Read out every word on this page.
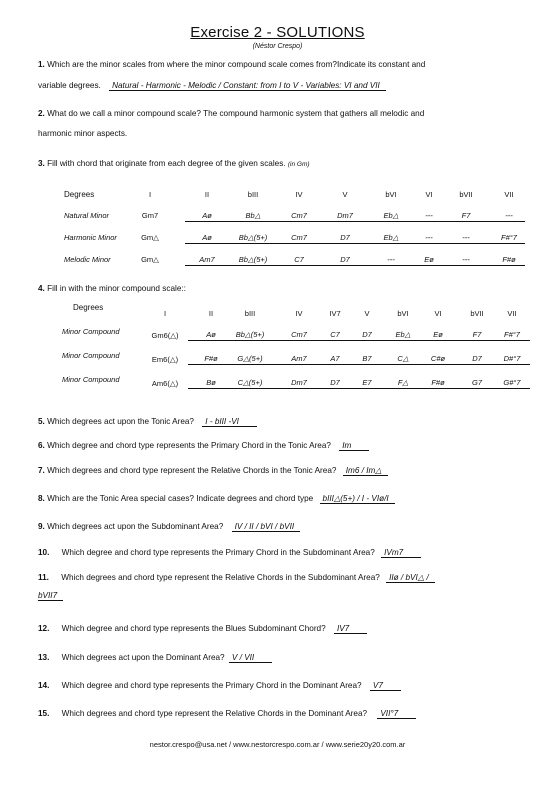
Exercise 2 - SOLUTIONS
(Néstor Crespo)
1. Which are the minor scales from where the minor compound scale comes from?Indicate its constant and
variable degrees. Natural - Harmonic - Melodic / Constant: from I to V - Variables: VI and VII
2. What do we call a minor compound scale? The compound harmonic system that gathers all melodic and
harmonic minor aspects.
3. Fill with chord that originate from each degree of the given scales. (in Gm)
Degrees	I	II	bIII	IV	V	bVI	VI	bVII	VII
Natural Minor	Gm7	Aø	Bb△	Cm7	Dm7	Eb△	---	F7	---
Harmonic Minor	Gm△	Aø	Bb△(5+)	Cm7	D7	Eb△	---	---	F#°7
Melodic Minor	Gm△	Am7	Bb△(5+)	C7	D7	---	Eø	---	F#ø
4. Fill in with the minor compound scale::
Degrees
I	II	bIII	IV	IV7	V	bVI	VI	bVII	VII
Minor Compound	Gm6(△)	Aø	Bb△(5+)	Cm7	C7	D7	Eb△	Eø	F7	F#°7
Minor Compound	Em6(△)	F#ø	G△(5+)	Am7	A7	B7	C△	C#ø	D7	D#°7
Minor Compound	Am6(△)	Bø	C△(5+)	Dm7	D7	E7	F△	F#ø	G7	G#°7
5. Which degrees act upon the Tonic Area? I - bIII -VI
6. Which degree and chord type represents the Primary Chord in the Tonic Area? Im
7. Which degrees and chord type represent the Relative Chords in the Tonic Area? Im6 / Im△
8. Which are the Tonic Area special cases? Indicate degrees and chord type bIII△(5+) / I - VIø/I
9. Which degrees act upon the Subdominant Area? IV / II / bVI / bVII
10. Which degree and chord type represents the Primary Chord in the Subdominant Area? IVm7
11. Which degrees and chord type represent the Relative Chords in the Subdominant Area? IIø / bVI△ /
bVII7
12. Which degree and chord type represents the Blues Subdominant Chord? IV7
13. Which degrees act upon the Dominant Area? V / VII
14. Which degree and chord type represents the Primary Chord in the Dominant Area? V7
15. Which degrees and chord type represent the Relative Chords in the Dominant Area? VII°7
nestor.crespo@usa.net / www.nestorcrespo.com.ar / www.serie20y20.com.ar
